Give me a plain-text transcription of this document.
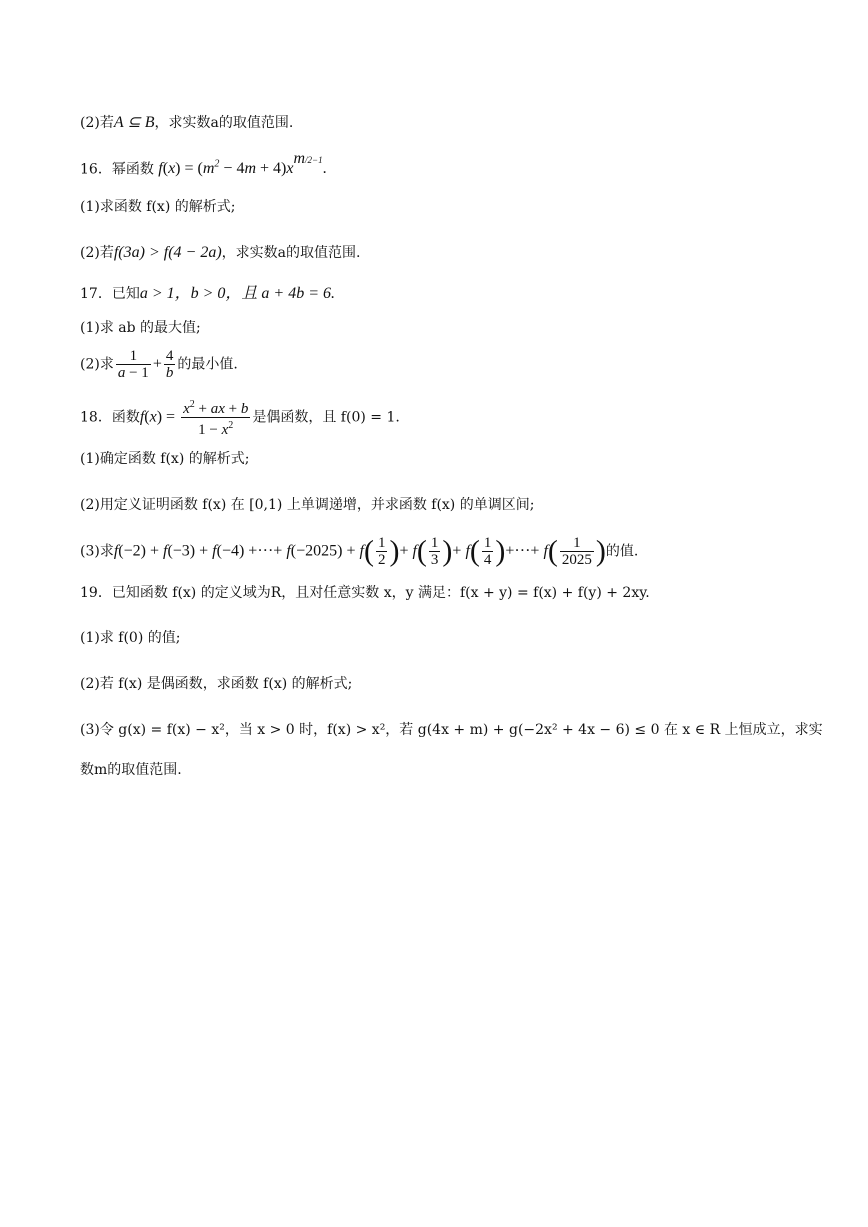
(2)若A ⊆ B，求实数a的取值范围.
16．幂函数 $f(x) = (m^2 - 4m + 4)x^{m/2-1}$.
(1)求函数 f(x) 的解析式;
(2)若f(3a) > f(4 − 2a)，求实数a的取值范围.
17．已知a > 1，b > 0，且 a + 4b = 6.
(1)求 ab 的最大值;
(2)求 $\frac{1}{a - 1} + \frac{4}{b}$ 的最小值.
18．函数$f(x) = \frac{x^2 + ax + b}{1 - x^2}$ 是偶函数，且 f(0) = 1.
(1)确定函数 f(x) 的解析式;
(2)用定义证明函数 f(x) 在 [0,1) 上单调递增，并求函数 f(x) 的单调区间;
(3)求f(−2) + f(−3) + f(−4) +···+ $f(-2025) + f( \frac{1}{2}$ )+ $f( \frac{1}{3}$ )+ $f( \frac{1}{4}$ )+···+ $f( \frac{1}{2025}$ )的值.
19．已知函数 f(x) 的定义域为R，且对任意实数 x，y 满足：f(x + y) = f(x) + f(y) + 2xy.
(1)求 f(0) 的值;
(2)若 f(x) 是偶函数，求函数 f(x) 的解析式;
(3)令 g(x) = f(x) − x²，当 x > 0 时，f(x) > x²，若 g(4x + m) + g(−2x² + 4x − 6) ≤ 0 在 x ∈ R 上恒成立，求实
数m的取值范围.
